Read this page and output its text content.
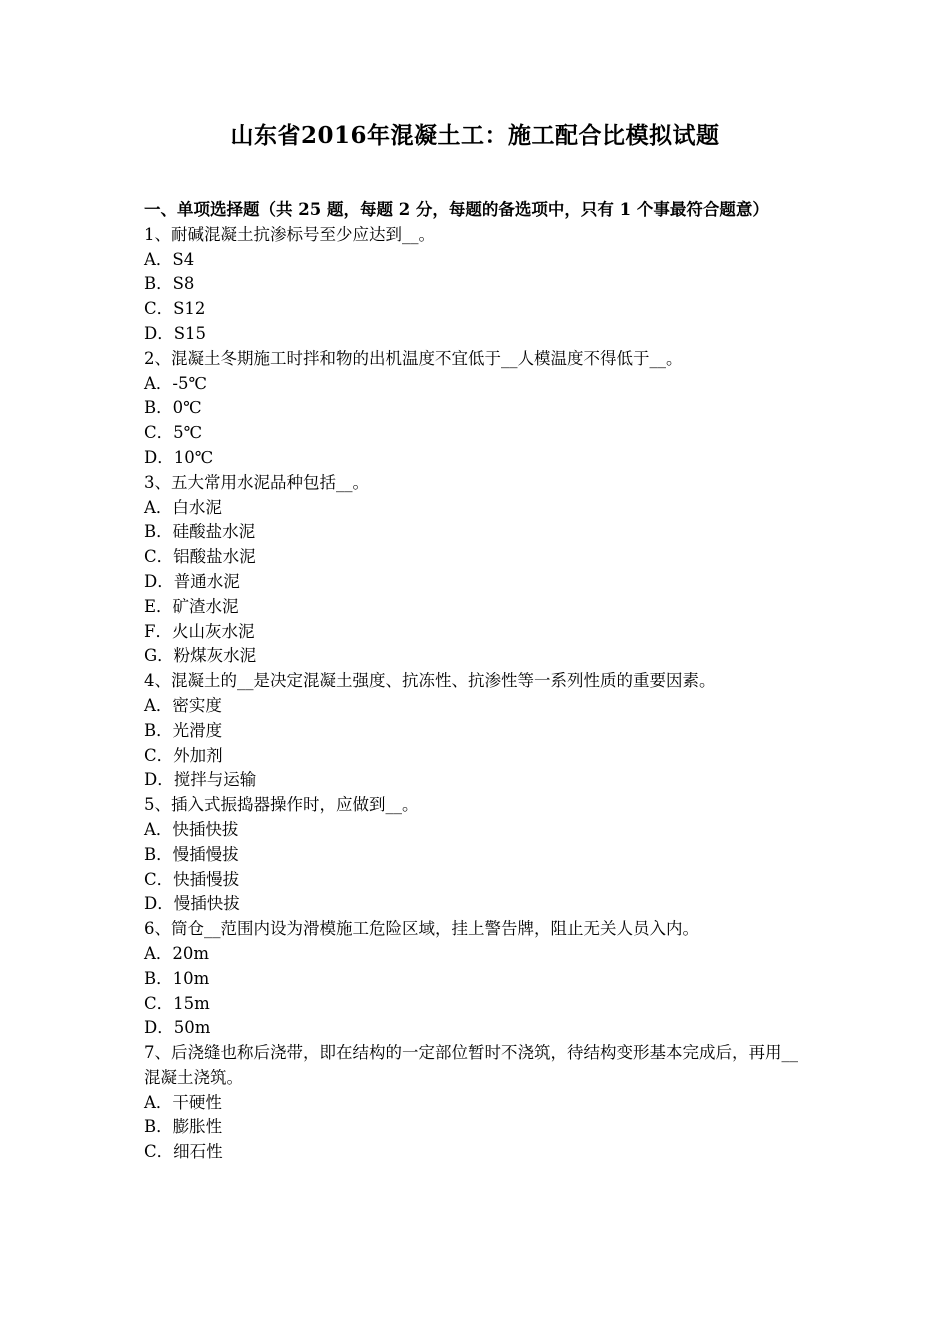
山东省2016年混凝土工：施工配合比模拟试题

一、单项选择题（共 25 题，每题 2 分，每题的备选项中，只有 1 个事最符合题意）

1、耐碱混凝土抗渗标号至少应达到__。

A．S4

B．S8

C．S12

D．S15

2、混凝土冬期施工时拌和物的出机温度不宜低于__人模温度不得低于__。

A．-5℃

B．0℃

C．5℃

D．10℃

3、五大常用水泥品种包括__。

A．白水泥

B．硅酸盐水泥

C．铝酸盐水泥

D．普通水泥

E．矿渣水泥

F．火山灰水泥

G．粉煤灰水泥

4、混凝土的__是决定混凝土强度、抗冻性、抗渗性等一系列性质的重要因素。

A．密实度

B．光滑度

C．外加剂

D．搅拌与运输

5、插入式振捣器操作时，应做到__。

A．快插快拔

B．慢插慢拔

C．快插慢拔

D．慢插快拔

6、筒仓__范围内设为滑模施工危险区域，挂上警告牌，阻止无关人员入内。

A．20m

B．10m

C．15m

D．50m

7、后浇缝也称后浇带，即在结构的一定部位暂时不浇筑，待结构变形基本完成后，再用__混凝土浇筑。

A．干硬性

B．膨胀性

C．细石性
